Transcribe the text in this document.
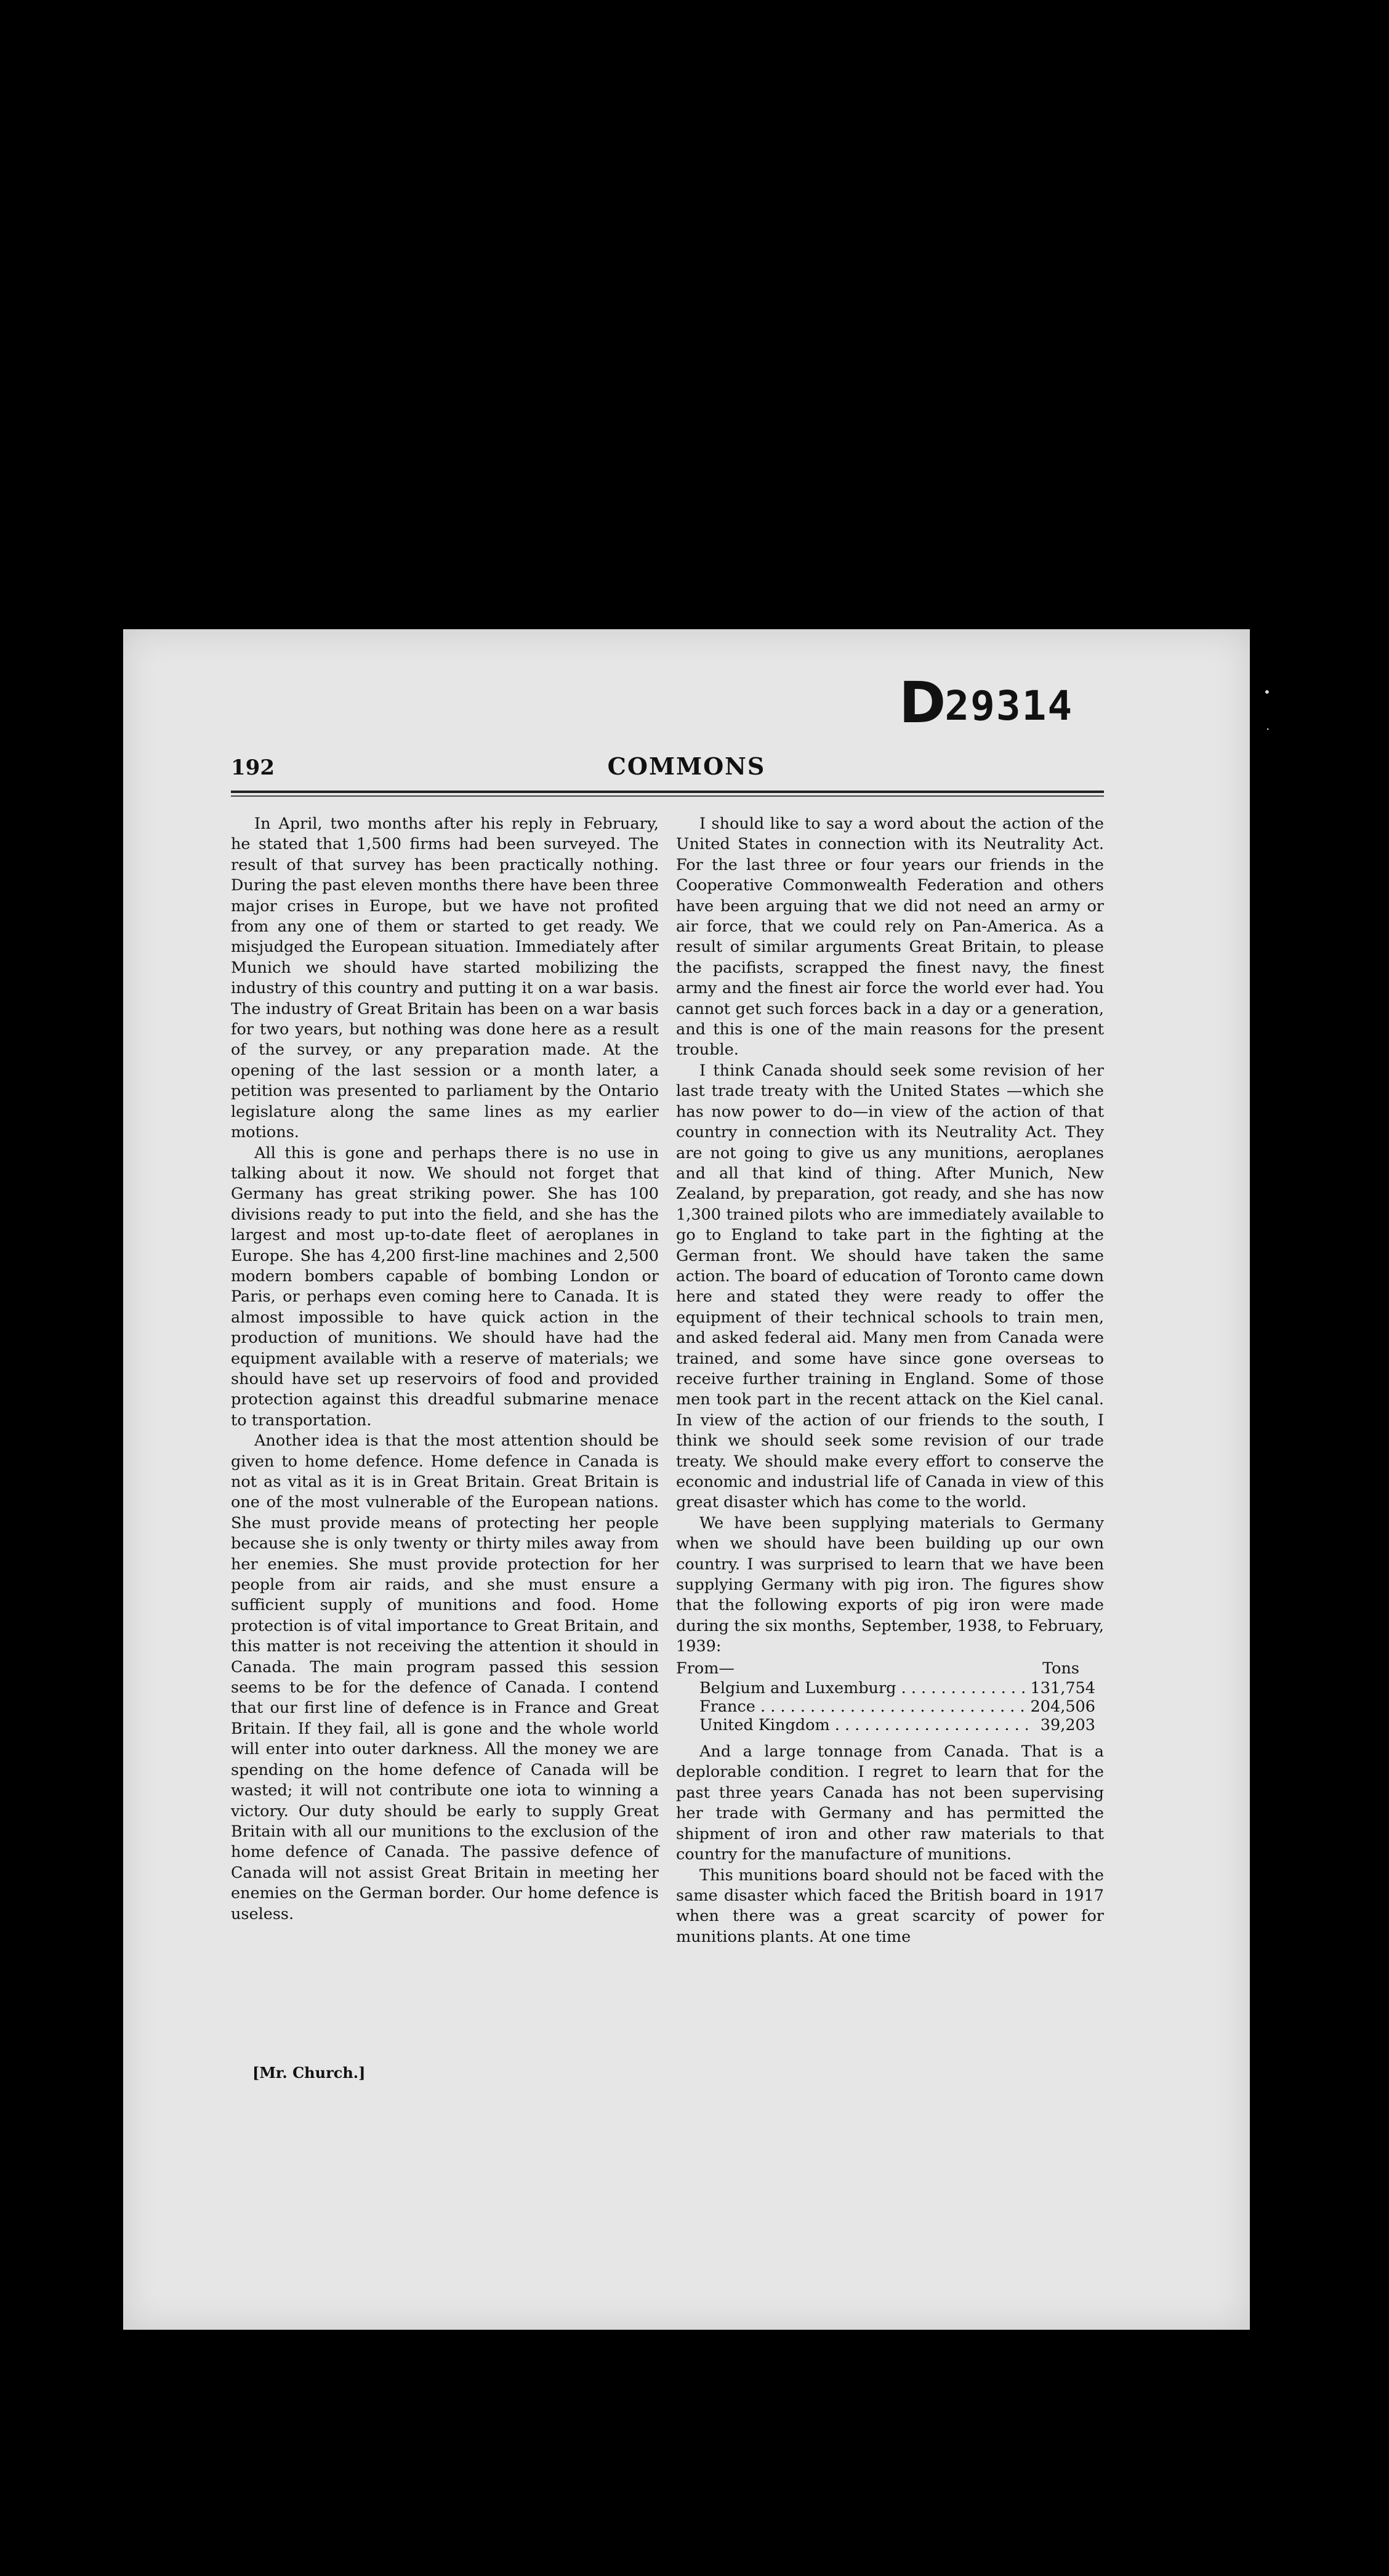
D29314
192	COMMONS

In April, two months after his reply in February, he stated that 1,500 firms had been surveyed. The result of that survey has been practically nothing. During the past eleven months there have been three major crises in Europe, but we have not profited from any one of them or started to get ready. We misjudged the European situation. Immediately after Munich we should have started mobilizing the industry of this country and putting it on a war basis. The industry of Great Britain has been on a war basis for two years, but nothing was done here as a result of the survey, or any preparation made. At the opening of the last session or a month later, a petition was presented to parliament by the Ontario legislature along the same lines as my earlier motions.

All this is gone and perhaps there is no use in talking about it now. We should not forget that Germany has great striking power. She has 100 divisions ready to put into the field, and she has the largest and most up-to-date fleet of aeroplanes in Europe. She has 4,200 first-line machines and 2,500 modern bombers capable of bombing London or Paris, or perhaps even coming here to Canada. It is almost impossible to have quick action in the production of munitions. We should have had the equipment available with a reserve of materials; we should have set up reservoirs of food and provided protection against this dreadful submarine menace to transportation.

Another idea is that the most attention should be given to home defence. Home defence in Canada is not as vital as it is in Great Britain. Great Britain is one of the most vulnerable of the European nations. She must provide means of protecting her people because she is only twenty or thirty miles away from her enemies. She must provide protection for her people from air raids, and she must ensure a sufficient supply of munitions and food. Home protection is of vital importance to Great Britain, and this matter is not receiving the attention it should in Canada. The main program passed this session seems to be for the defence of Canada. I contend that our first line of defence is in France and Great Britain. If they fail, all is gone and the whole world will enter into outer darkness. All the money we are spending on the home defence of Canada will be wasted; it will not contribute one iota to winning a victory. Our duty should be early to supply Great Britain with all our munitions to the exclusion of the home defence of Canada. The passive defence of Canada will not assist Great Britain in meeting her enemies on the German border. Our home defence is useless.

I should like to say a word about the action of the United States in connection with its Neutrality Act. For the last three or four years our friends in the Cooperative Commonwealth Federation and others have been arguing that we did not need an army or air force, that we could rely on Pan-America. As a result of similar arguments Great Britain, to please the pacifists, scrapped the finest navy, the finest army and the finest air force the world ever had. You cannot get such forces back in a day or a generation, and this is one of the main reasons for the present trouble.

I think Canada should seek some revision of her last trade treaty with the United States —which she has now power to do—in view of the action of that country in connection with its Neutrality Act. They are not going to give us any munitions, aeroplanes and all that kind of thing. After Munich, New Zealand, by preparation, got ready, and she has now 1,300 trained pilots who are immediately available to go to England to take part in the fighting at the German front. We should have taken the same action. The board of education of Toronto came down here and stated they were ready to offer the equipment of their technical schools to train men, and asked federal aid. Many men from Canada were trained, and some have since gone overseas to receive further training in England. Some of those men took part in the recent attack on the Kiel canal. In view of the action of our friends to the south, I think we should seek some revision of our trade treaty. We should make every effort to conserve the economic and industrial life of Canada in view of this great disaster which has come to the world.

We have been supplying materials to Germany when we should have been building up our own country. I was surprised to learn that we have been supplying Germany with pig iron. The figures show that the following exports of pig iron were made during the six months, September, 1938, to February, 1939:

From—	Tons
Belgium and Luxemburg . . .	131,754
France . . .	204,506
United Kingdom . . .	39,203

And a large tonnage from Canada. That is a deplorable condition. I regret to learn that for the past three years Canada has not been supervising her trade with Germany and has permitted the shipment of iron and other raw materials to that country for the manufacture of munitions.

This munitions board should not be faced with the same disaster which faced the British board in 1917 when there was a great scarcity of power for munitions plants. At one time

[Mr. Church.]
•
·
